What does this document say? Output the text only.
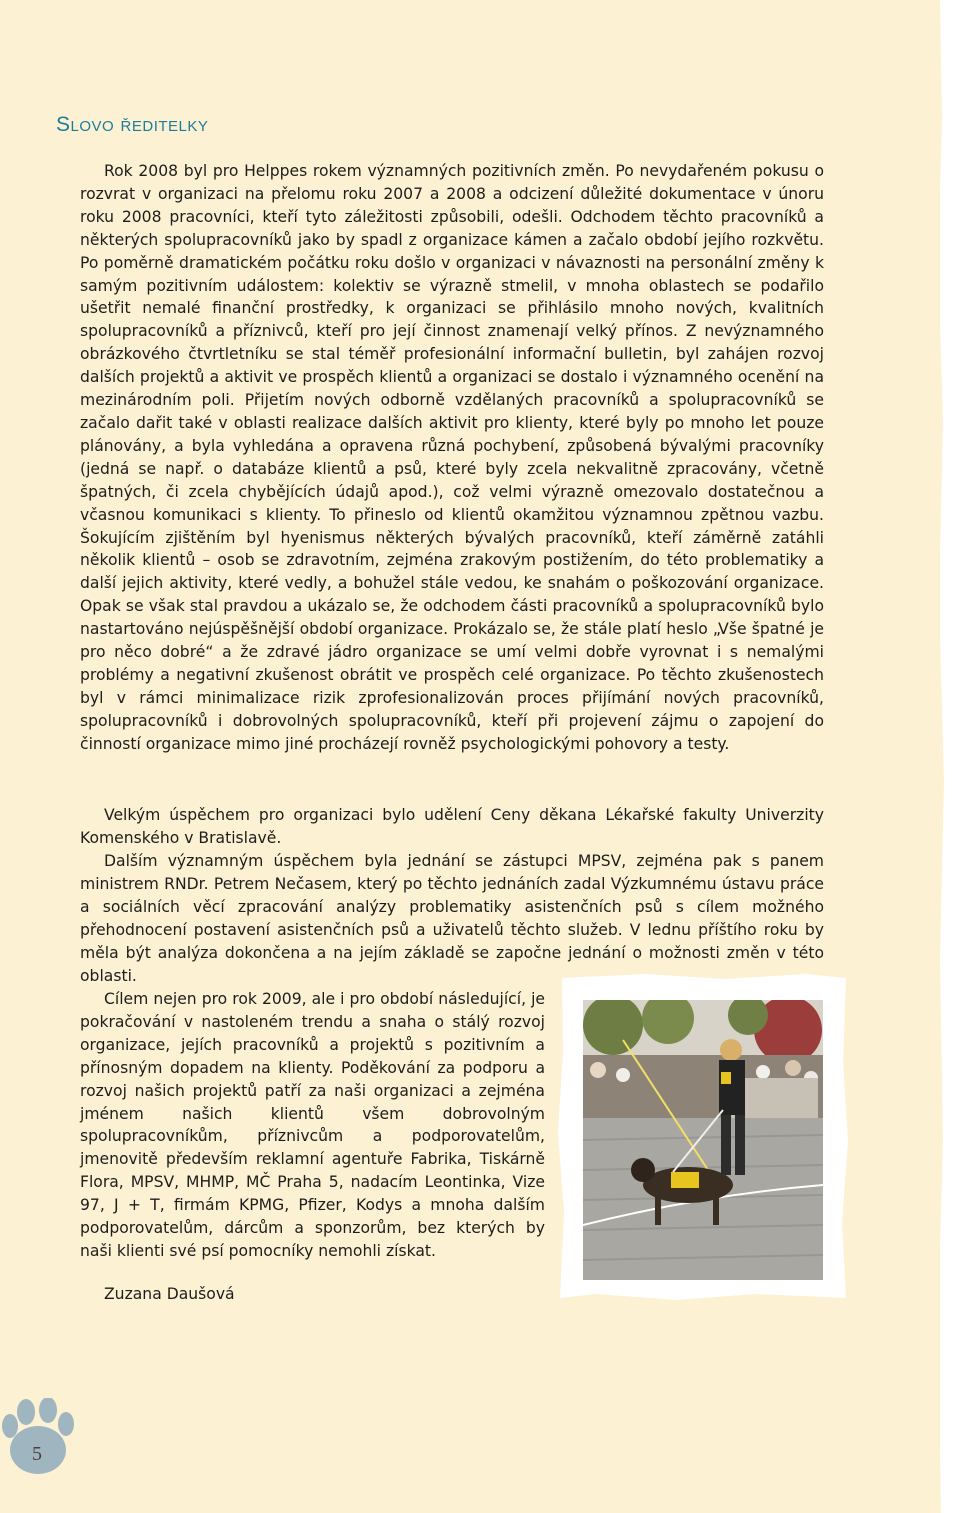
Slovo ředitelky

Rok 2008 byl pro Helppes rokem významných pozitivních změn. Po nevydařeném pokusu o rozvrat v organizaci na přelomu roku 2007 a 2008 a odcizení důležité dokumentace v únoru roku 2008 pracovníci, kteří tyto záležitosti způsobili, odešli. Odchodem těchto pracovníků a některých spolupracovníků jako by spadl z organizace kámen a začalo období jejího rozkvětu. Po poměrně dramatickém počátku roku došlo v organizaci v návaznosti na personální změny k samým pozitivním událostem: kolektiv se výrazně stmelil, v mnoha oblastech se podařilo ušetřit nemalé finanční prostředky, k organizaci se přihlásilo mnoho nových, kvalitních spolupracovníků a příznivců, kteří pro její činnost znamenají velký přínos. Z nevýznamného obrázkového čtvrtletníku se stal téměř profesionální informační bulletin, byl zahájen rozvoj dalších projektů a aktivit ve prospěch klientů a organizaci se dostalo i významného ocenění na mezinárodním poli. Přijetím nových odborně vzdělaných pracovníků a spolupracovníků se začalo dařit také v oblasti realizace dalších aktivit pro klienty, které byly po mnoho let pouze plánovány, a byla vyhledána a opravena různá pochybení, způsobená bývalými pracovníky (jedná se např. o databáze klientů a psů, které byly zcela nekvalitně zpracovány, včetně špatných, či zcela chybějících údajů apod.), což velmi výrazně omezovalo dostatečnou a včasnou komunikaci s klienty. To přineslo od klientů okamžitou významnou zpětnou vazbu. Šokujícím zjištěním byl hyenismus některých bývalých pracovníků, kteří záměrně zatáhli několik klientů – osob se zdravotním, zejména zrakovým postižením, do této problematiky a další jejich aktivity, které vedly, a bohužel stále vedou, ke snahám o poškozování organizace. Opak se však stal pravdou a ukázalo se, že odchodem části pracovníků a spolupracovníků bylo nastartováno nejúspěšnější období organizace. Prokázalo se, že stále platí heslo „Vše špatné je pro něco dobré“ a že zdravé jádro organizace se umí velmi dobře vyrovnat i s nemalými problémy a negativní zkušenost obrátit ve prospěch celé organizace. Po těchto zkušenostech byl v rámci minimalizace rizik zprofesionalizován proces přijímání nových pracovníků, spolupracovníků i dobrovolných spolupracovníků, kteří při projevení zájmu o zapojení do činností organizace mimo jiné procházejí rovněž psychologickými pohovory a testy.

Velkým úspěchem pro organizaci bylo udělení Ceny děkana Lékařské fakulty Univerzity Komenského v Bratislavě.

Dalším významným úspěchem byla jednání se zástupci MPSV, zejména pak s panem ministrem RNDr. Petrem Nečasem, který po těchto jednáních zadal Výzkumnému ústavu práce a sociálních věcí zpracování analýzy problematiky asistenčních psů s cílem možného přehodnocení postavení asistenčních psů a uživatelů těchto služeb. V lednu příštího roku by měla být analýza dokončena a na jejím základě se započne jednání o možnosti změn v této oblasti.

Cílem nejen pro rok 2009, ale i pro období následující, je pokračování v nastoleném trendu a snaha o stálý rozvoj organizace, jejích pracovníků a projektů s pozitivním a přínosným dopadem na klienty. Poděkování za podporu a rozvoj našich projektů patří za naši organizaci a zejména jménem našich klientů všem dobrovolným spolupracovníkům, příznivcům a podporovatelům, jmenovitě především reklamní agentuře Fabrika, Tiskárně Flora, MPSV, MHMP, MČ Praha 5, nadacím Leontinka, Vize 97, J + T, firmám KPMG, Pfizer, Kodys a mnoha dalším podporovatelům, dárcům a sponzorům, bez kterých by naši klienti své psí pomocníky nemohli získat.

Zuzana Daušová
5
